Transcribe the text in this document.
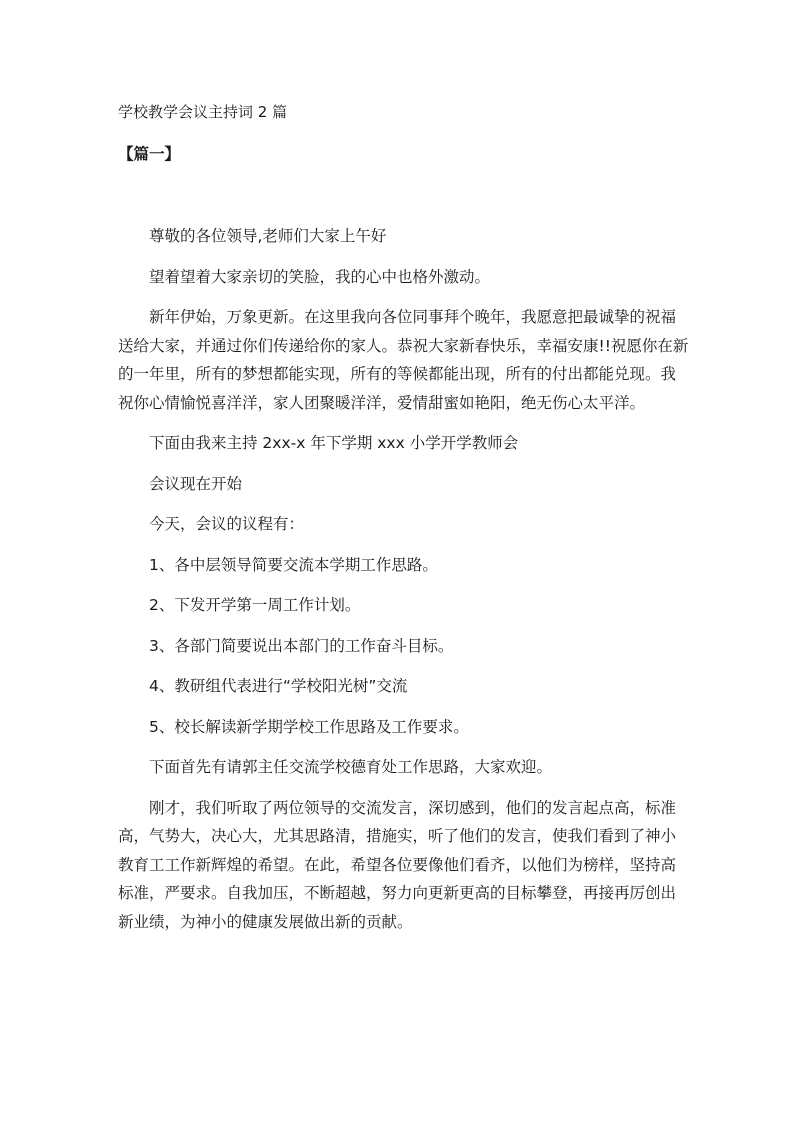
学校教学会议主持词 2 篇
【篇一】

尊敬的各位领导,老师们大家上午好

望着望着大家亲切的笑脸，我的心中也格外激动。

新年伊始，万象更新。在这里我向各位同事拜个晚年，我愿意把最诚挚的祝福送给大家，并通过你们传递给你的家人。恭祝大家新春快乐，幸福安康!!祝愿你在新的一年里，所有的梦想都能实现，所有的等候都能出现，所有的付出都能兑现。我祝你心情愉悦喜洋洋，家人团聚暖洋洋，爱情甜蜜如艳阳，绝无伤心太平洋。

下面由我来主持 2xx-x 年下学期 xxx 小学开学教师会

会议现在开始

今天，会议的议程有：

1、各中层领导简要交流本学期工作思路。

2、下发开学第一周工作计划。

3、各部门简要说出本部门的工作奋斗目标。

4、教研组代表进行“学校阳光树”交流

5、校长解读新学期学校工作思路及工作要求。

下面首先有请郭主任交流学校德育处工作思路，大家欢迎。

刚才，我们听取了两位领导的交流发言，深切感到，他们的发言起点高，标准高，气势大，决心大，尤其思路清，措施实，听了他们的发言，使我们看到了神小教育工工作新辉煌的希望。在此，希望各位要像他们看齐，以他们为榜样，坚持高标准，严要求。自我加压，不断超越，努力向更新更高的目标攀登，再接再厉创出新业绩，为神小的健康发展做出新的贡献。
